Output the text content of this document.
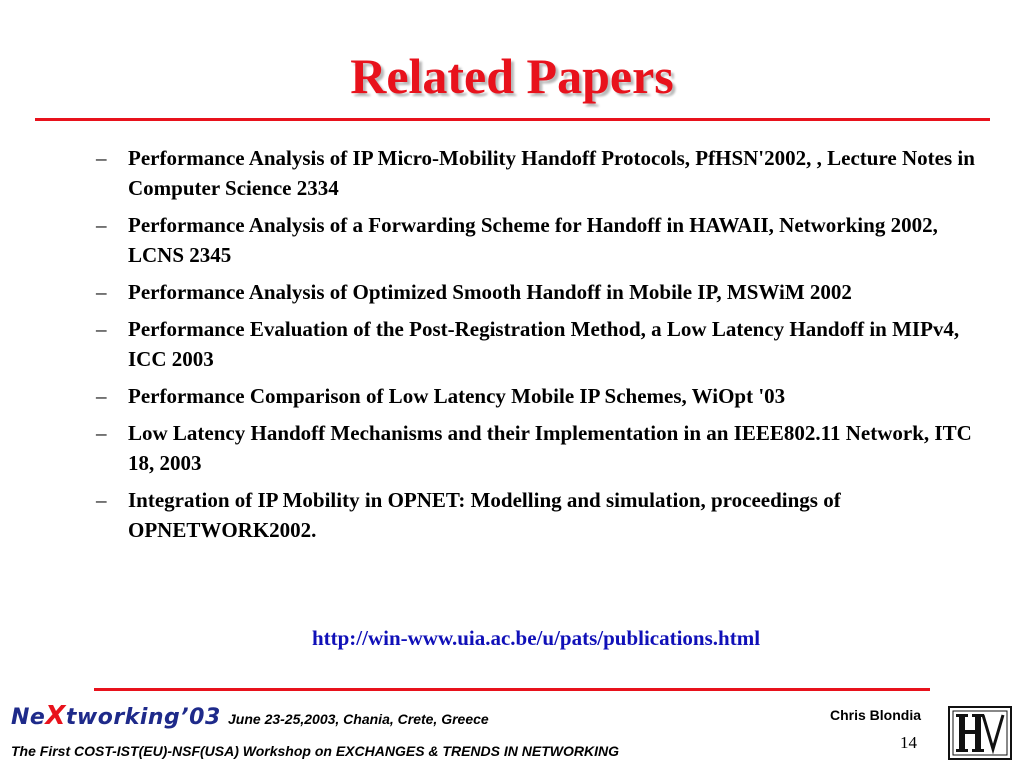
Related Papers
– Performance Analysis of IP Micro-Mobility Handoff Protocols, PfHSN'2002, , Lecture Notes in Computer Science 2334
– Performance Analysis of a Forwarding Scheme for Handoff in HAWAII, Networking 2002, LCNS 2345
– Performance Analysis of Optimized Smooth Handoff in Mobile IP, MSWiM 2002
– Performance Evaluation of the Post-Registration Method, a Low Latency Handoff in MIPv4, ICC 2003
– Performance Comparison of Low Latency Mobile IP Schemes, WiOpt '03
– Low Latency Handoff Mechanisms and their Implementation in an IEEE802.11 Network, ITC 18, 2003
– Integration of IP Mobility in OPNET: Modelling and simulation, proceedings of OPNETWORK2002.
http://win-www.uia.ac.be/u/pats/publications.html
NeXtworking’03 June 23-25,2003, Chania, Crete, Greece	Chris Blondia
14
The First COST-IST(EU)-NSF(USA) Workshop on EXCHANGES & TRENDS IN NETWORKING
